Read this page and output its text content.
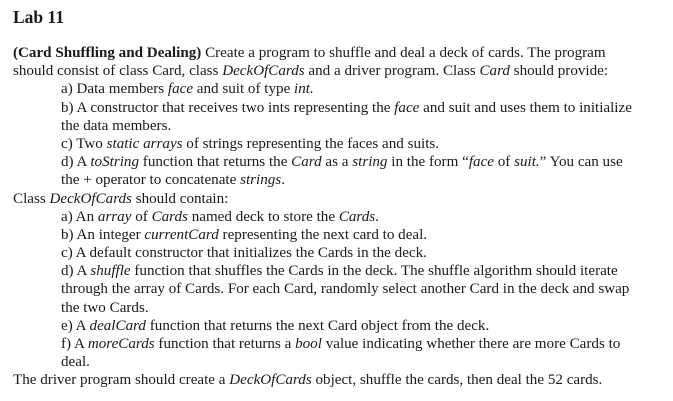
Lab 11
(Card Shuffling and Dealing) Create a program to shuffle and deal a deck of cards. The program
should consist of class Card, class DeckOfCards and a driver program. Class Card should provide:
a) Data members face and suit of type int.
b) A constructor that receives two ints representing the face and suit and uses them to initialize
the data members.
c) Two static arrays of strings representing the faces and suits.
d) A toString function that returns the Card as a string in the form “face of suit.” You can use
the + operator to concatenate strings.
Class DeckOfCards should contain:
a) An array of Cards named deck to store the Cards.
b) An integer currentCard representing the next card to deal.
c) A default constructor that initializes the Cards in the deck.
d) A shuffle function that shuffles the Cards in the deck. The shuffle algorithm should iterate
through the array of Cards. For each Card, randomly select another Card in the deck and swap
the two Cards.
e) A dealCard function that returns the next Card object from the deck.
f) A moreCards function that returns a bool value indicating whether there are more Cards to
deal.
The driver program should create a DeckOfCards object, shuffle the cards, then deal the 52 cards.
